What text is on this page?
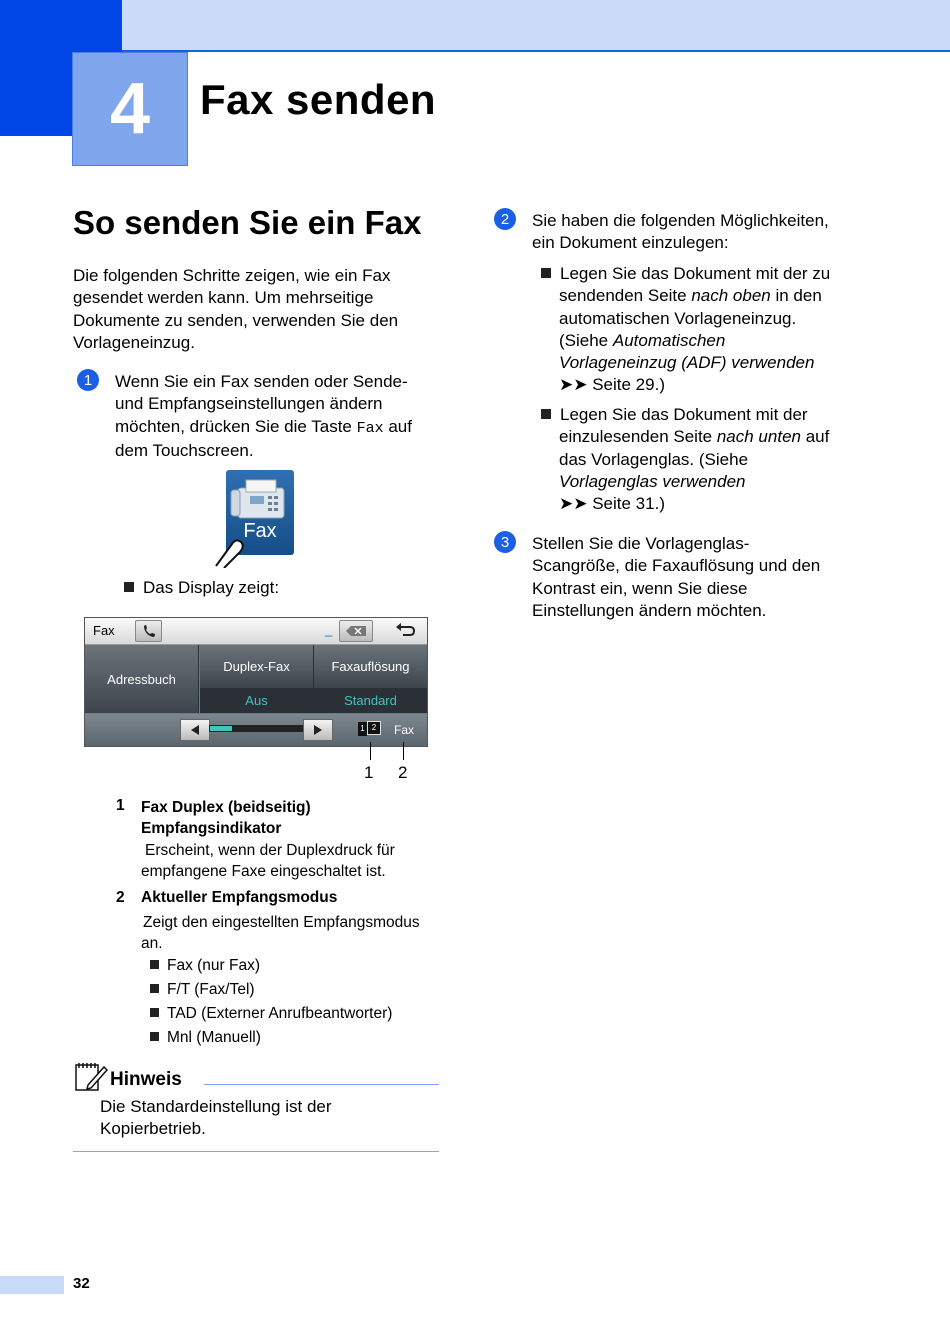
4 Fax senden
So senden Sie ein Fax
Die folgenden Schritte zeigen, wie ein Fax
gesendet werden kann. Um mehrseitige
Dokumente zu senden, verwenden Sie den
Vorlageneinzug.
1	Wenn Sie ein Fax senden oder Sende-
und Empfangseinstellungen ändern
möchten, drücken Sie die Taste Fax auf
dem Touchscreen.
Fax
Das Display zeigt:
Fax	_
Adressbuch
Duplex-Fax
Aus
Faxauflösung
Standard
1 2	Fax
1 2
1 Fax Duplex (beidseitig)
Empfangsindikator
Erscheint, wenn der Duplexdruck für
empfangene Faxe eingeschaltet ist.
2 Aktueller Empfangsmodus
Zeigt den eingestellten Empfangsmodus
an.
Fax (nur Fax)
F/T (Fax/Tel)
TAD (Externer Anrufbeantworter)
Mnl (Manuell)
Hinweis
Die Standardeinstellung ist der
Kopierbetrieb.
2	Sie haben die folgenden Möglichkeiten,
ein Dokument einzulegen:
Legen Sie das Dokument mit der zu
sendenden Seite nach oben in den
automatischen Vorlageneinzug.
(Siehe Automatischen
Vorlageneinzug (ADF) verwenden
➤➤ Seite 29.)
Legen Sie das Dokument mit der
einzulesenden Seite nach unten auf
das Vorlagenglas. (Siehe
Vorlagenglas verwenden
➤➤ Seite 31.)
3	Stellen Sie die Vorlagenglas-
Scangröße, die Faxauflösung und den
Kontrast ein, wenn Sie diese
Einstellungen ändern möchten.
32
